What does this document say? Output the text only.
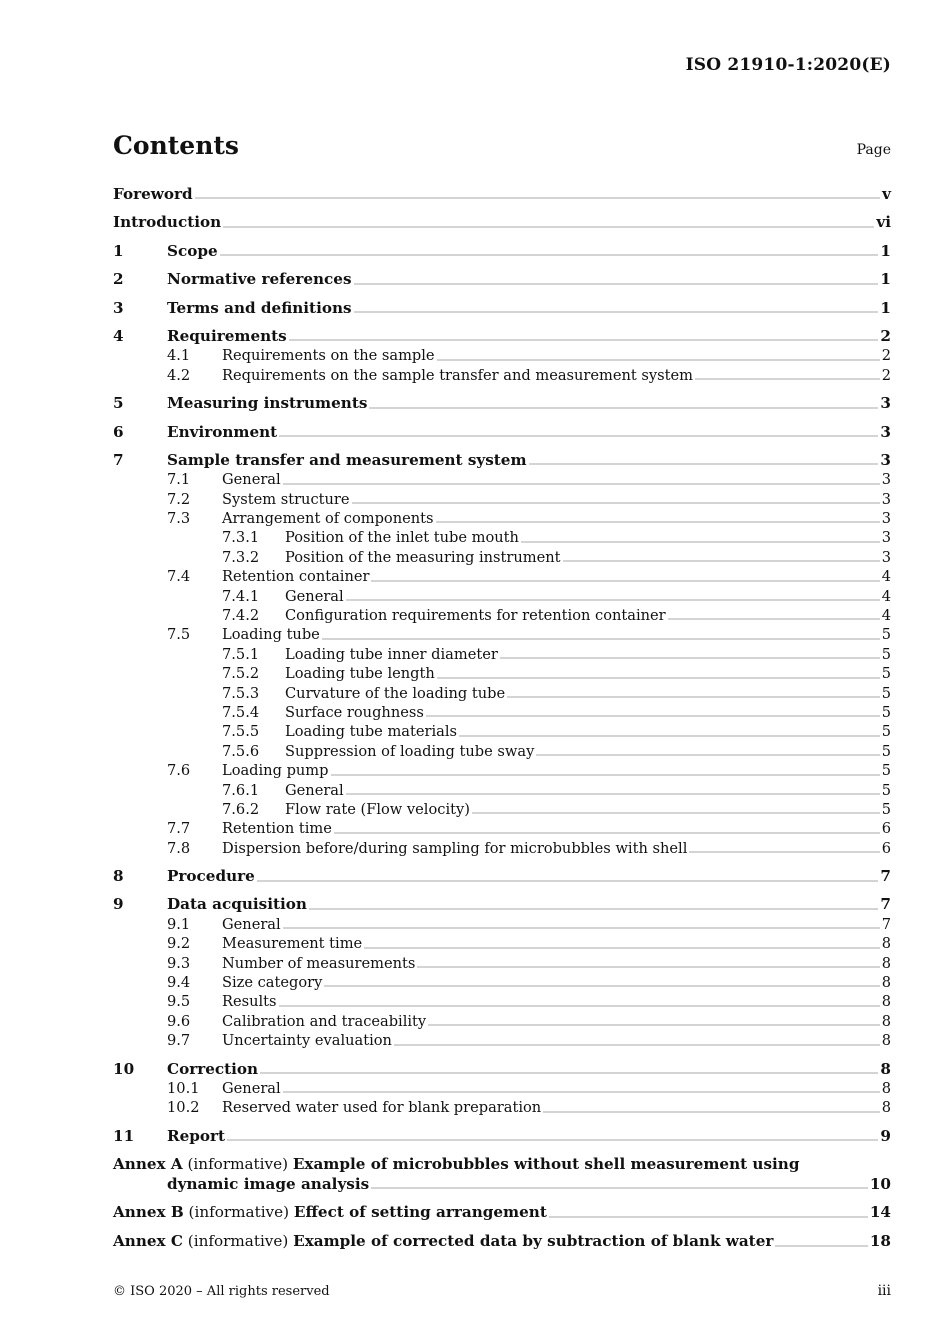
ISO 21910-1:2020(E)
Contents	Page
Foreword	v
Introduction	vi
1	Scope	1
2	Normative references	1
3	Terms and definitions	1
4	Requirements	2
4.1	Requirements on the sample	2
4.2	Requirements on the sample transfer and measurement system	2
5	Measuring instruments	3
6	Environment	3
7	Sample transfer and measurement system	3
7.1	General	3
7.2	System structure	3
7.3	Arrangement of components	3
7.3.1	Position of the inlet tube mouth	3
7.3.2	Position of the measuring instrument	3
7.4	Retention container	4
7.4.1	General	4
7.4.2	Configuration requirements for retention container	4
7.5	Loading tube	5
7.5.1	Loading tube inner diameter	5
7.5.2	Loading tube length	5
7.5.3	Curvature of the loading tube	5
7.5.4	Surface roughness	5
7.5.5	Loading tube materials	5
7.5.6	Suppression of loading tube sway	5
7.6	Loading pump	5
7.6.1	General	5
7.6.2	Flow rate (Flow velocity)	5
7.7	Retention time	6
7.8	Dispersion before/during sampling for microbubbles with shell	6
8	Procedure	7
9	Data acquisition	7
9.1	General	7
9.2	Measurement time	8
9.3	Number of measurements	8
9.4	Size category	8
9.5	Results	8
9.6	Calibration and traceability	8
9.7	Uncertainty evaluation	8
10	Correction	8
10.1	General	8
10.2	Reserved water used for blank preparation	8
11	Report	9
Annex A (informative) Example of microbubbles without shell measurement using
dynamic image analysis	10
Annex B (informative) Effect of setting arrangement	14
Annex C (informative) Example of corrected data by subtraction of blank water	18
© ISO 2020 – All rights reserved	iii
